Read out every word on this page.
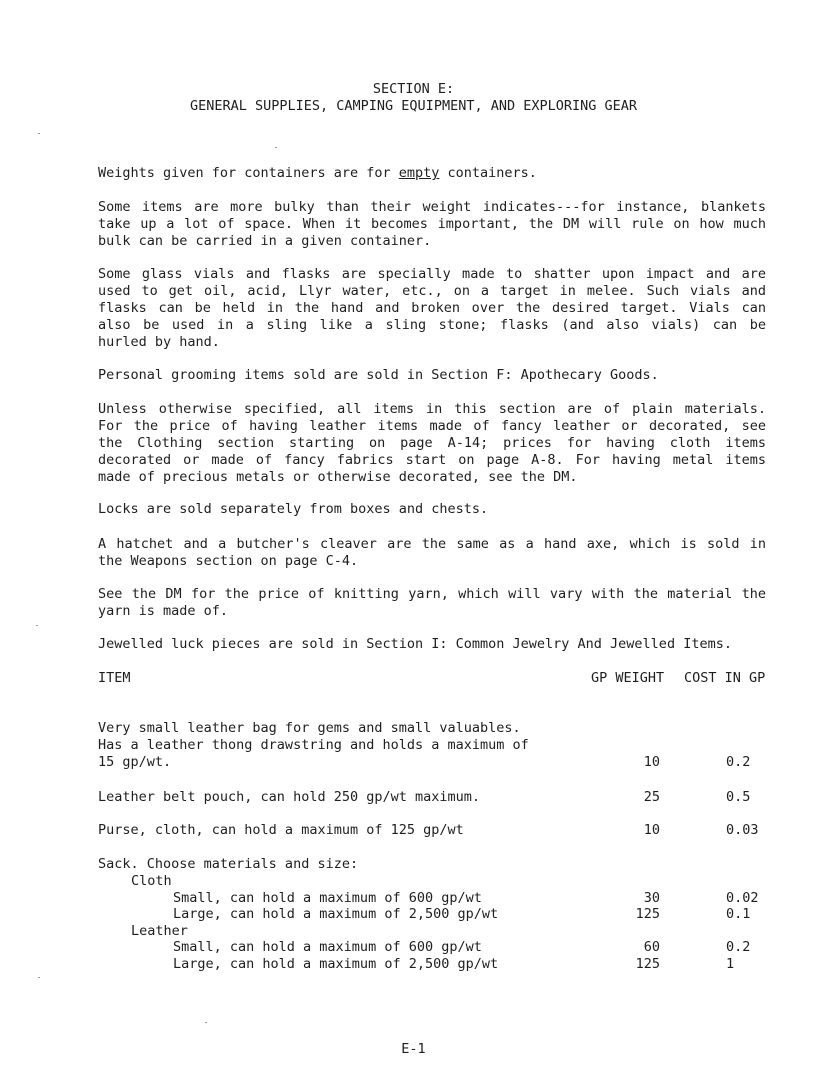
SECTION E:
GENERAL SUPPLIES, CAMPING EQUIPMENT, AND EXPLORING GEAR
Weights given for containers are for empty containers.
Some items are more bulky than their weight indicates---for instance, blankets
take up a lot of space. When it becomes important, the DM will rule on how much
bulk can be carried in a given container.
Some glass vials and flasks are specially made to shatter upon impact and are
used to get oil, acid, Llyr water, etc., on a target in melee. Such vials and
flasks can be held in the hand and broken over the desired target. Vials can
also be used in a sling like a sling stone; flasks (and also vials) can be
hurled by hand.
Personal grooming items sold are sold in Section F: Apothecary Goods.
Unless otherwise specified, all items in this section are of plain materials.
For the price of having leather items made of fancy leather or decorated, see
the Clothing section starting on page A-14; prices for having cloth items
decorated or made of fancy fabrics start on page A-8. For having metal items
made of precious metals or otherwise decorated, see the DM.
Locks are sold separately from boxes and chests.
A hatchet and a butcher's cleaver are the same as a hand axe, which is sold in
the Weapons section on page C-4.
See the DM for the price of knitting yarn, which will vary with the material the
yarn is made of.
Jewelled luck pieces are sold in Section I: Common Jewelry And Jewelled Items.
ITEM	GP WEIGHT COST IN GP
Very small leather bag for gems and small valuables.
Has a leather thong drawstring and holds a maximum of
15 gp/wt.	10	0.2
Leather belt pouch, can hold 250 gp/wt maximum.	25	0.5
Purse, cloth, can hold a maximum of 125 gp/wt	10	0.03
Sack. Choose materials and size:
Cloth
Small, can hold a maximum of 600 gp/wt	30	0.02
Large, can hold a maximum of 2,500 gp/wt	125	0.1
Leather
Small, can hold a maximum of 600 gp/wt	60	0.2
Large, can hold a maximum of 2,500 gp/wt	125	1
E-1
